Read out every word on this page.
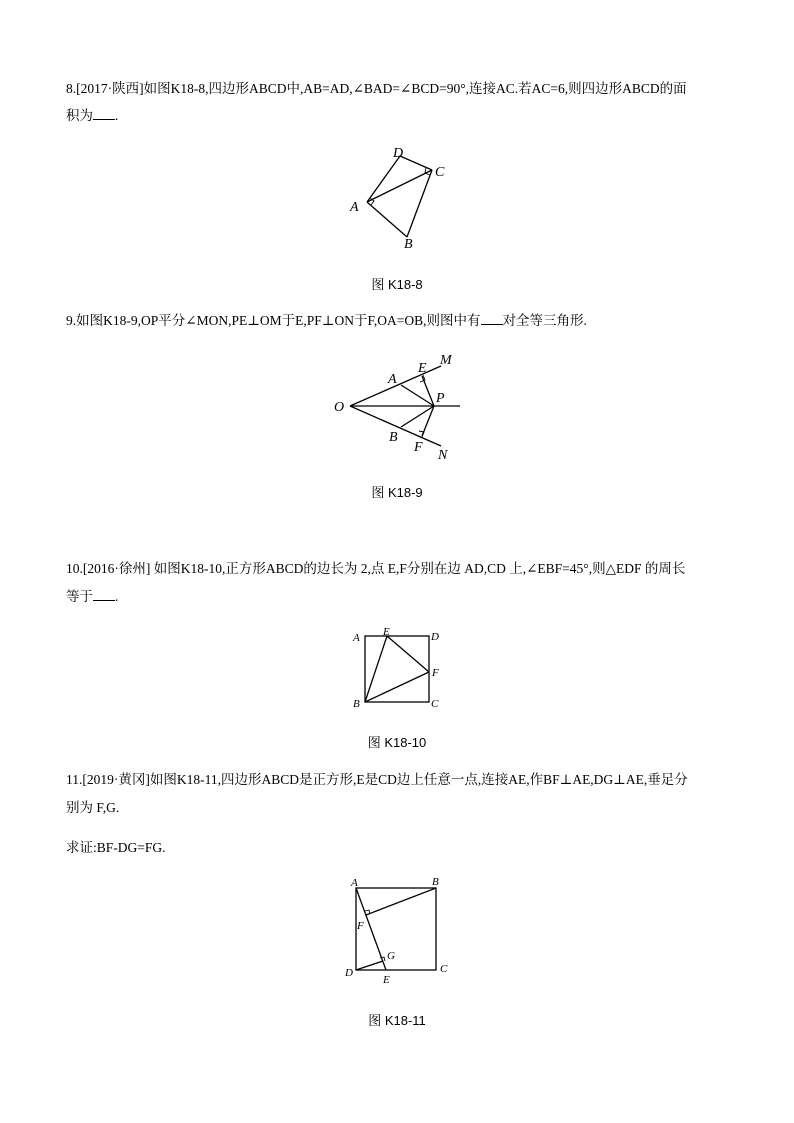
8.[2017·陕西]如图K18-8,四边形ABCD中,AB=AD,∠BAD=∠BCD=90°,连接AC.若AC=6,则四边形ABCD的面
积为 .
A
B
C
D
图 K18-8
9.如图K18-9,OP平分∠MON,PE⊥OM于E,PF⊥ON于F,OA=OB,则图中有 对全等三角形.
O
A
B
E
F
M
N
P
图 K18-9
10.[2016·徐州] 如图K18-10,正方形ABCD的边长为 2,点 E,F分别在边 AD,CD 上,∠EBF=45°,则△EDF 的周长
等于 .
A
B	C
D
E
F
图 K18-10
11.[2019·黄冈]如图K18-11,四边形ABCD是正方形,E是CD边上任意一点,连接AE,作BF⊥AE,DG⊥AE,垂足分
别为 F,G.
求证:BF-DG=FG.
A	B
C
D
E
F
G
图 K18-11
